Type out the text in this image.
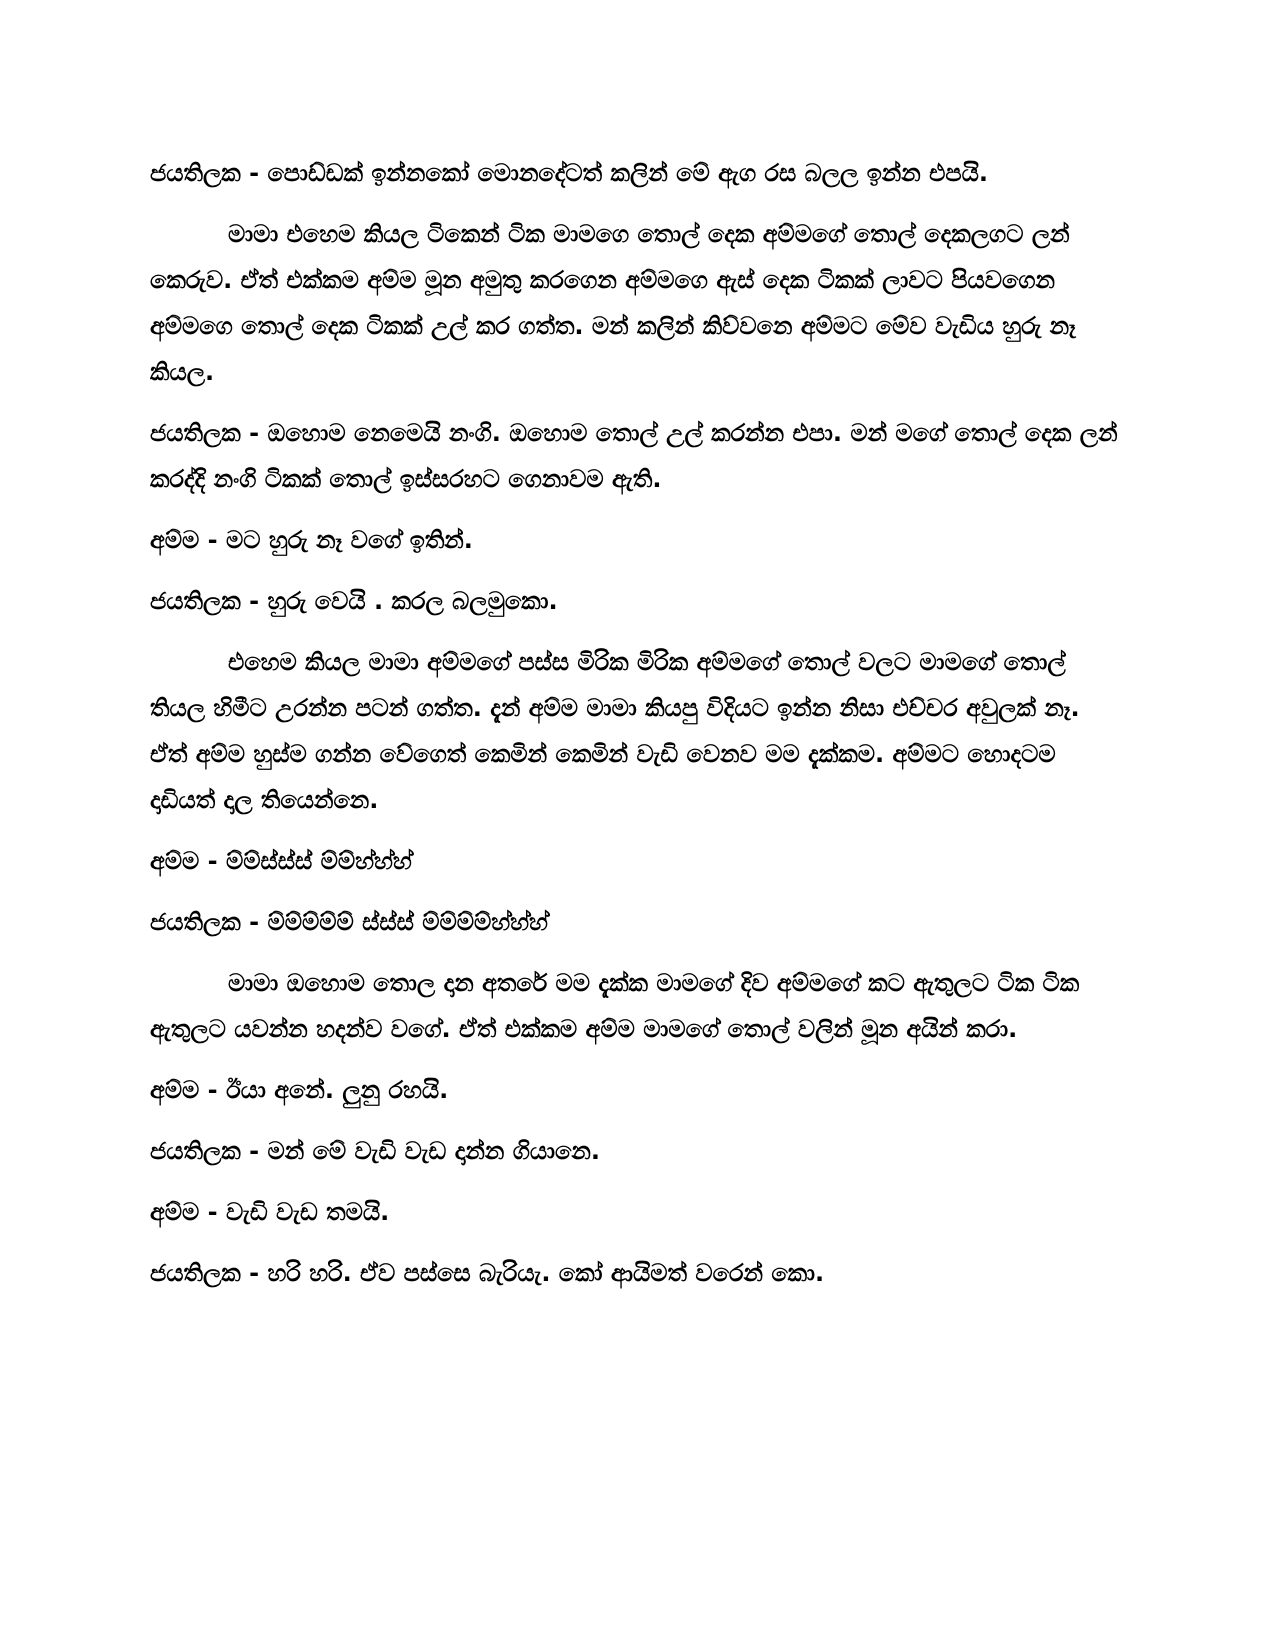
ජයතිලක - පොඩ්ඩක් ඉන්නකෝ මොනදේටත් කලින් මේ ඇග රස බලල ඉන්න එපයි.

මාමා එහෙම කියල ටිකෙන් ටික මාමගෙ තොල් දෙක අම්මගේ තොල් දෙකලගට ලන් කෙරුව. ඒත් එක්කම අම්ම මූන අමුතු කරගෙන අම්මගෙ ඇස් දෙක ටිකක් ලාවට පියවගෙන අම්මගෙ තොල් දෙක ටිකක් උල් කර ගත්ත. මන් කලින් කිව්වනෙ අම්මට මේව වැඩිය හුරු නෑ කියල.

ජයතිලක - ඔහොම නෙමෙයි නංගි. ඔහොම තොල් උල් කරන්න එපා. මන් මගේ තොල් දෙක ලන් කරද්දි නංගි ටිකක් තොල් ඉස්සරහට ගෙනාවම ඇති.

අම්ම - මට හුරු නෑ වගේ ඉතින්.

ජයතිලක - හුරු වෙයි . කරල බලමුකො.

එහෙම කියල මාමා අම්මගේ පස්ස මිරික මිරික අම්මගේ තොල් වලට මාමගේ තොල් තියල හිමීට උරන්න පටන් ගත්ත. දැන් අම්ම මාමා කියපු විදියට ඉන්න නිසා එච්චර අවුලක් නෑ. ඒත් අම්ම හුස්ම ගන්න වේගෙත් කෙමින් කෙමින් වැඩි වෙනව මම දැක්කම. අම්මට හොදටම දාඩියත් දාල තියෙන්නෙ.

අම්ම - ම්ම්ස්ස්ස් ම්ම්හ්හ්හ්

ජයතිලක - ම්ම්ම්ම්ම් ස්ස්ස් ම්ම්ම්ම්හ්හ්හ්

මාමා ඔහොම තොල දාන අතරේ මම දැක්ක මාමගේ දිව අම්මගේ කට ඇතුලට ටික ටික ඇතුලට යවන්න හදන්ව වගේ. ඒත් එක්කම අම්ම මාමගේ තොල් වලින් මූන අයින් කරා.

අම්ම - ඊයා අනේ. ලුනු රහයි.

ජයතිලක - මන් මේ වැඩි වැඩ දාන්න ගියානෙ.

අම්ම - වැඩි වැඩ තමයි.

ජයතිලක - හරි හරි. ඒව පස්සෙ බැරියැ. කෝ ආයිමත් වරෙන් කො.
